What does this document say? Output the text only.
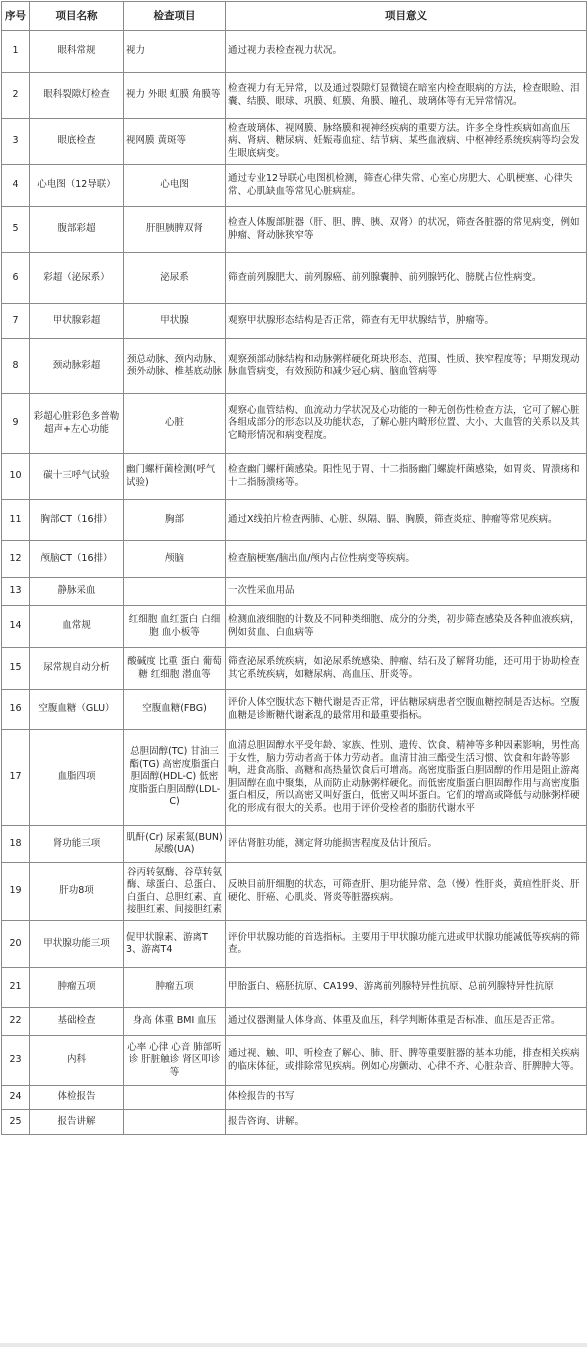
序号	项目名称	检查项目	项目意义
1	眼科常规	视力	通过视力表检查视力状况。
2	眼科裂隙灯检查	视力 外眼 虹膜 角膜等	检查视力有无异常，以及通过裂隙灯显微镜在暗室内检查眼病的方法，检查眼睑、泪囊、结膜、眼球、巩膜、虹膜、角膜、瞳孔、玻璃体等有无异常情况。
3	眼底检查	视网膜 黄斑等	检查玻璃体、视网膜、脉络膜和视神经疾病的重要方法。许多全身性疾病如高血压病、肾病、糖尿病、妊娠毒血症、结节病、某些血液病、中枢神经系统疾病等均会发生眼底病变。
4	心电图（12导联）	心电图	通过专业12导联心电图机检测，筛查心律失常、心室心房肥大、心肌梗塞、心律失常、心肌缺血等常见心脏病症。
5	腹部彩超	肝胆胰脾双肾	检查人体腹部脏器（肝、胆、脾、胰、双肾）的状况，筛查各脏器的常见病变，例如肿瘤、肾动脉狭窄等
6	彩超（泌尿系）	泌尿系	筛查前列腺肥大、前列腺癌、前列腺囊肿、前列腺钙化、膀胱占位性病变。
7	甲状腺彩超	甲状腺	观察甲状腺形态结构是否正常，筛查有无甲状腺结节，肿瘤等。
8	颈动脉彩超	颈总动脉、颈内动脉、颈外动脉、椎基底动脉	观察颈部动脉结构和动脉粥样硬化斑块形态、范围、性质、狭窄程度等；早期发现动脉血管病变，有效预防和减少冠心病、脑血管病等
9	彩超心脏彩色多普勒超声+左心功能	心脏	观察心血管结构、血流动力学状况及心功能的一种无创伤性检查方法，它可了解心脏各组成部分的形态以及功能状态，了解心脏内畸形位置、大小、大血管的关系以及其它畸形情况和病变程度。
10	碳十三呼气试验	幽门螺杆菌检测(呼气试验)	检查幽门螺杆菌感染。阳性见于胃、十二指肠幽门螺旋杆菌感染，如胃炎、胃溃疡和十二指肠溃疡等。
11	胸部CT（16排）	胸部	通过X线拍片检查两肺、心脏、纵隔、膈、胸膜，筛查炎症、肿瘤等常见疾病。
12	颅脑CT（16排）	颅脑	检查脑梗塞/脑出血/颅内占位性病变等疾病。
13	静脉采血		一次性采血用品
14	血常规	红细胞 血红蛋白 白细胞 血小板等	检测血液细胞的计数及不同种类细胞、成分的分类，初步筛查感染及各种血液疾病，例如贫血、白血病等
15	尿常规自动分析	酸碱度 比重 蛋白 葡萄糖 红细胞 潜血等	筛查泌尿系统疾病，如泌尿系统感染、肿瘤、结石及了解肾功能，还可用于协助检查其它系统疾病，如糖尿病、高血压、肝炎等。
16	空腹血糖（GLU）	空腹血糖(FBG)	评价人体空腹状态下糖代谢是否正常，评估糖尿病患者空腹血糖控制是否达标。空腹血糖是诊断糖代谢紊乱的最常用和最重要指标。
17	血脂四项	总胆固醇(TC) 甘油三酯(TG) 高密度脂蛋白胆固醇(HDL-C) 低密度脂蛋白胆固醇(LDL-C)	血清总胆固醇水平受年龄、家族、性别、遗传、饮食、精神等多种因素影响，男性高于女性，脑力劳动者高于体力劳动者。血清甘油三酯受生活习惯、饮食和年龄等影响，进食高脂、高糖和高热量饮食后可增高。高密度脂蛋白胆固醇的作用是阻止游离胆固醇在血中聚集，从而防止动脉粥样硬化。而低密度脂蛋白胆固醇作用与高密度脂蛋白相反，所以高密又叫好蛋白，低密又叫坏蛋白。它们的增高或降低与动脉粥样硬化的形成有很大的关系。也用于评价受检者的脂肪代谢水平
18	肾功能三项	肌酐(Cr) 尿素氮(BUN) 尿酸(UA)	评估肾脏功能，测定肾功能损害程度及估计预后。
19	肝功8项	谷丙转氨酶、谷草转氨酶、球蛋白、总蛋白、白蛋白、总胆红素、直接胆红素、间接胆红素	反映目前肝细胞的状态，可筛查肝、胆功能异常、急（慢）性肝炎，黄疸性肝炎、肝硬化、肝癌、心肌炎、肾炎等脏器疾病。
20	甲状腺功能三项	促甲状腺素、游离T3、游离T4	评价甲状腺功能的首选指标。主要用于甲状腺功能亢进或甲状腺功能减低等疾病的筛查。
21	肿瘤五项	肿瘤五项	甲胎蛋白、癌胚抗原、CA199、游离前列腺特异性抗原、总前列腺特异性抗原
22	基础检查	身高 体重 BMI 血压	通过仪器测量人体身高、体重及血压，科学判断体重是否标准、血压是否正常。
23	内科	心率 心律 心音 肺部听诊 肝脏触诊 肾区叩诊等	通过视、触、叩、听检查了解心、肺、肝、脾等重要脏器的基本功能，排查相关疾病的临床体征，或排除常见疾病。例如心房颤动、心律不齐、心脏杂音、肝脾肿大等。
24	体检报告		体检报告的书写
25	报告讲解		报告咨询、讲解。
